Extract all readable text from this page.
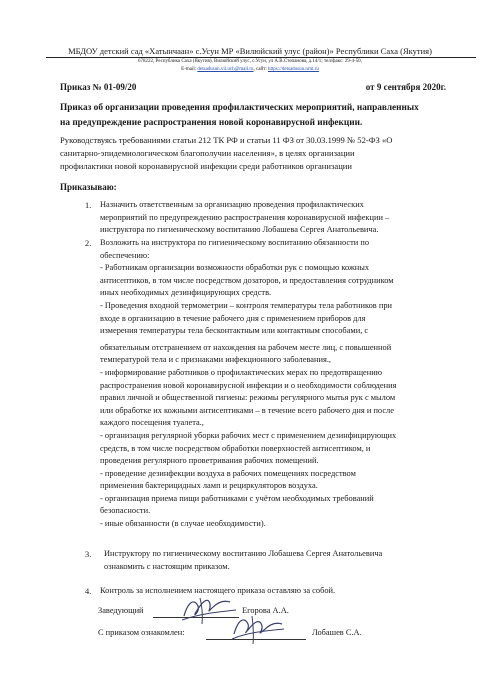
МБДОУ детский сад «Хатынчаан» с.Усун МР «Вилюйский улус (район)» Республики Саха (Якутия)
678222, Республика Саха (Якутия), Вилюйский улус, с.Усун, ул А.В.Степанова, д.14/1; тел/факс: 29-4-50,
E-mail: detsadusun.vil.uch@mail.ru, сайт: https://detsadusun.nrm.ru
Приказ № 01-09/20	от 9 сентября 2020г.
Приказ об организации проведения профилактических мероприятий, направленных
на предупреждение распространения новой коронавирусной инфекции.
Руководствуясь требованиями статьи 212 ТК РФ и статьи 11 ФЗ от 30.03.1999 № 52-ФЗ «О
санитарно-эпидемиологическом благополучии населения», в целях организации
профилактики новой коронавирусной инфекции среди работников организации
Приказываю:
1. Назначить ответственным за организацию проведения профилактических
мероприятий по предупреждению распространения коронавирусной инфекции –
инструктора по гигиеническому воспитанию Лобашева Сергея Анатольевича.
2. Возложить на инструктора по гигиеническому воспитанию обязанности по
обеспечению:
- Работникам организации возможности обработки рук с помощью кожных
антисептиков, в том числе посредством дозаторов, и предоставления сотрудником
иных необходимых дезинфицирующих средств.
- Проведения входной термометрии – контроля температуры тела работников при
входе в организацию в течение рабочего дня с применением приборов для
измерения температуры тела бесконтактным или контактным способами, с
обязательным отстранением от нахождения на рабочем месте лиц, с повышенной
температурой тела и с признаками инфекционного заболевания.,
- информирование работников о профилактических мерах по предотвращению
распространения новой коронавирусной инфекции и о необходимости соблюдения
правил личной и общественной гигиены: режимы регулярного мытья рук с мылом
или обработке их кожными антисептиками – в течение всего рабочего дня и после
каждого посещения туалета.,
- организация регулярной уборки рабочих мест с применением дезинфицирующих
средств, в том числе посредством обработки поверхностей антисептиком, и
проведения регулярного проветривания рабочих помещений.
- проведение дезинфекции воздуха в рабочих помещениях посредством
применения бактерицидных ламп и рециркуляторов воздуха.
- организация приема пищи работниками с учётом необходимых требований
безопасности.
- иные обязанности (в случае необходимости).
3. Инструктору по гигиеническому воспитанию Лобашева Сергея Анатольевича
ознакомить с настоящим приказом.
4. Контроль за исполнением настоящего приказа оставляю за собой.
Заведующий	Егорова А.А.
С приказом ознакомлен:	Лобашев С.А.
